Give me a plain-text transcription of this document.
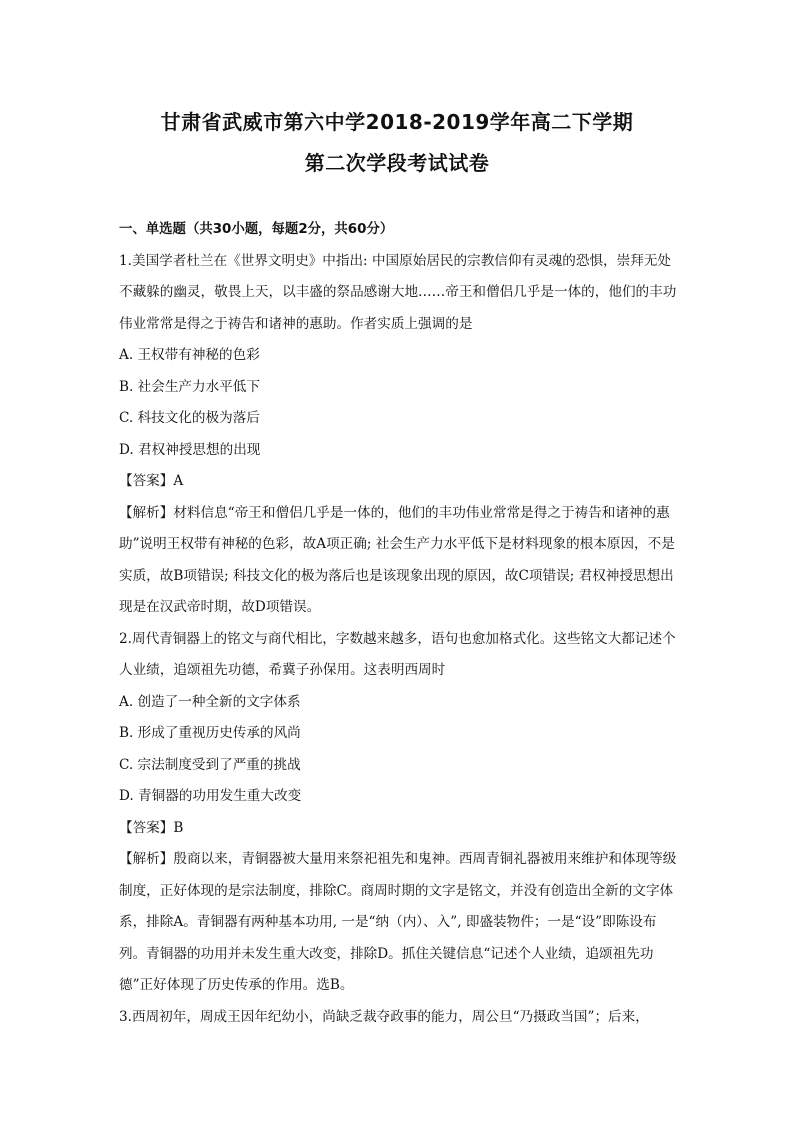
甘肃省武威市第六中学2018-2019学年高二下学期
第二次学段考试试卷

一、单选题（共30小题，每题2分，共60分）

1.美国学者杜兰在《世界文明史》中指出: 中国原始居民的宗教信仰有灵魂的恐惧，崇拜无处不藏躲的幽灵，敬畏上天，以丰盛的祭品感谢大地……帝王和僧侣几乎是一体的，他们的丰功伟业常常是得之于祷告和诸神的惠助。作者实质上强调的是

A. 王权带有神秘的色彩

B. 社会生产力水平低下

C. 科技文化的极为落后

D. 君权神授思想的出现

【答案】A

【解析】材料信息“帝王和僧侣几乎是一体的，他们的丰功伟业常常是得之于祷告和诸神的惠助”说明王权带有神秘的色彩，故A项正确; 社会生产力水平低下是材料现象的根本原因，不是实质，故B项错误; 科技文化的极为落后也是该现象出现的原因，故C项错误; 君权神授思想出现是在汉武帝时期，故D项错误。

2.周代青铜器上的铭文与商代相比，字数越来越多，语句也愈加格式化。这些铭文大都记述个人业绩，追颂祖先功德，希冀子孙保用。这表明西周时

A. 创造了一种全新的文字体系

B. 形成了重视历史传承的风尚

C. 宗法制度受到了严重的挑战

D. 青铜器的功用发生重大改变

【答案】B

【解析】殷商以来，青铜器被大量用来祭祀祖先和鬼神。西周青铜礼器被用来维护和体现等级制度，正好体现的是宗法制度，排除C。商周时期的文字是铭文，并没有创造出全新的文字体系，排除A。青铜器有两种基本功用, 一是“纳（内）、入”, 即盛装物件；一是“设”即陈设布列。青铜器的功用并未发生重大改变，排除D。抓住关键信息“记述个人业绩，追颂祖先功德”正好体现了历史传承的作用。选B。

3.西周初年，周成王因年纪幼小，尚缺乏裁夺政事的能力，周公旦“乃摄政当国”；后来，
